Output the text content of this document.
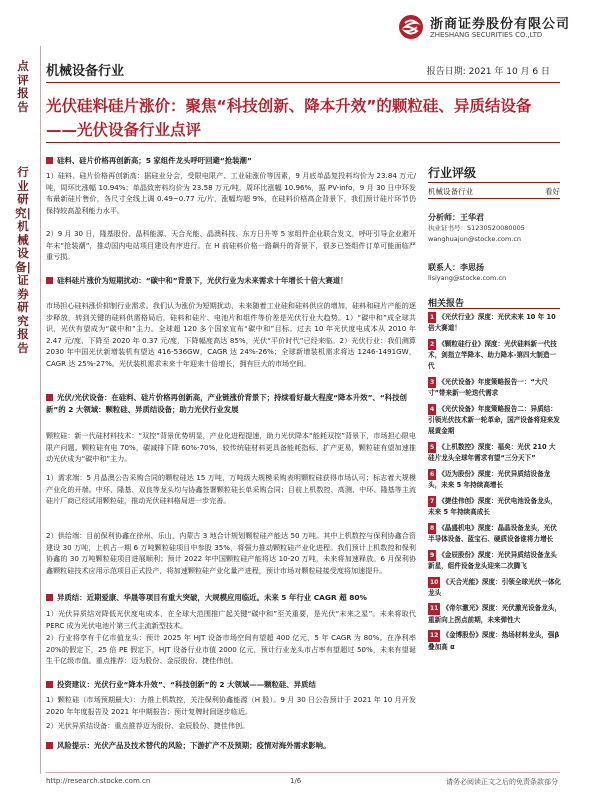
浙商证券股份有限公司
ZHESHANG SECURITIES CO.,LTD
点评报告
行业研究|机械设备|证券研究报告
机械设备行业	报告日期: 2021 年 10 月 6 日
光伏硅料硅片涨价：聚焦“科技创新、降本升效”的颗粒硅、异质结设备
——光伏设备行业点评
硅料、硅片价格再创新高；5 家组件龙头呼吁回避“抢装潮”
1）硅料、硅片价格再创新高：据硅业分会，受限电限产、工业硅涨价等因素，9 月底单晶复投料均价为 23.84 万元/吨，周环比涨幅 10.94%；单晶致密料均价为 23.58 万元/吨，周环比涨幅 10.96%，据 PV-info，9 月 30 日中环发布最新硅片售价，各尺寸全线上调 0.49~0.77 元/片，涨幅均超 9%，在硅料价格高企背景下，我们预计硅片环节仍保持较高盈利能力水平。
2）9 月 30 日，隆基股份、晶科能源、天合光能、晶澳科技、东方日升等 5 家组件企业联合发文，呼吁引导企业避开年末“抢装潮”，推动国内电站项目建设有序进行。在 H 前硅料价格一路飙升的背景下，很多已签组件订单可能面临严重亏损。
硅料硅片涨价为短期扰动：“碳中和”背景下，光伏行业为未来需求十年增长十倍大赛道！
市场担心硅料涨价抑制行业需求。我们认为涨价为短期扰动，未来随着工业硅和硅料供应的增加，硅料和硅片产能的逐步释放，转到关键的硅料供需格局后，硅料和硅片、电池片和组件等价差是光伏行业大趋势。1）“碳中和”成全球共识，光伏有望成为“碳中和”主力。全球超 120 多个国家宣布“碳中和”目标。过去 10 年光伏度电成本从 2010 年 2.47 元/度、下降至 2020 年 0.37 元/度，下降幅度高达 85%，光伏“平价时代”已经来临。2）光伏行业：我们测算 2030 年中国光伏新增装机有望达 416-536GW，CAGR 达 24%-26%；全球新增装机需求将达 1246-1491GW，CAGR 达 25%-27%。光伏装机需求未来十年迎来十倍增长，拥有巨大的市场空间。
光伏/光伏设备：在硅料、硅片价格再创新高，产业链涨价背景下；持续看好最大程度“降本升效”、“科技创新”的 2 大领域：颗粒硅、异质结设备；助力光伏行业发展
颗粒硅：新一代硅材料技术：“双控”背景优势明显，产业化进程提速，助力光伏降本“能耗双控”背景下，市场担心限电限产问题。颗粒硅有电 70%，碳减排下降 60%-70%，较传统硅材料更具备能耗指标、扩产更易，颗粒硅有望加速推动光伏成为“碳中和”主力。
1）需求端：5 月晶澳公告采购合同的颗粒硅达 15 万吨，万吨级大规模采购表明颗粒硅获得市场认可；标志着大规模产业化的开端。中环、隆基、双良等龙头均与协鑫签署颗粒硅长单采购合同；目前上机数控、高测、中环、隆基等主流硅片厂商已经试用颗粒硅，推动光伏硅料格局进一步完善。
2）供给端：目前保利协鑫在徐州、乐山，内蒙古 3 地合计规划颗粒硅产能达 50 万吨。其中上机数控与保利协鑫合资建设 30 万吨，上机占一期 6 万吨颗粒硅项目中参股 35%，将强力推动颗粒硅产业化进程。我们预计上机数控和保利协鑫的 30 万吨颗粒硅项目进展顺利；预计 2022 年中国颗粒硅产能将达 10-20 万吨，未来将加速释放。6 月保利协鑫颗粒硅技术应用示范项目正式投产，将加速颗粒硅产业化量产进程，预计市场对颗粒硅接受度将加速提升。
异质结：近期爱康、华晟等项目有重大突破，大规模应用临近。未来 5 年行业 CAGR 超 80%
1）光伏异质结对降低光伏度电成本，在全球大范围推广起关键“碳中和”至关重要，是光伏“未来之星”。未来将取代 PERC 成为光伏电池片第三代主流新型技术。
2）行业将享有千亿市值龙头：预计 2025 年 HJT 设备市场空间有望超 400 亿元，5 年 CAGR 为 80%。在净利率 20%的假定下，25 倍 PE 假定下，HJT 设备行业市值 2000 亿元，预计行业龙头市占率有望超过 50%，未来有望诞生千亿级市值。重点推荐：迈为股份、金辰股份、捷佳伟创。
投资建议：光伏行业“降本升效”、“科技创新”的 2 大领域——颗粒硅、异质结
1）颗粒硅（市场预期最大）：力推上机数控，关注保利协鑫能源（H 股）。9 月 30 日公告预计于 2021 年 10 月开发 2020 年年度报告及 2021 年中期报告；预计复牌时间逐步临近。
2）光伏异质结设备：重点推荐迈为股份、金辰股份、捷佳伟创。
风险提示：光伏产品及技术替代的风险；下游扩产不及预期；疫情对海外需求影响。
行业评级
机械设备行业	看好
分析师：王华君
执业证书号：S1230520080005
wanghuajun@stocke.com.cn
联系人：李思扬
lisiyang@stocke.com.cn
相关报告
1 《光伏行业》深度：光伏未来 10 年 10 倍大赛道！
2 《颗粒硅行业》深度：光伏硅料新一代技术，剑指立竿降本、助力降本-第四大制造一代
3 《光伏设备》年度策略报告一：“大尺寸”带来新一轮迭代需求
4 《光伏设备》年度策略报告二：异质结：引领光伏技术新一轮革命，国产设备将迎来发展黄金期
5 《上机数控》深度：福矣：光伏 210 大硅片龙头全球年需求有望“三分天下”
6 《迈为股份》深度：光伏异质结设备龙头，未来 5 年持续高增长
7 《捷佳伟创》深度：光伏电池设备龙头，未来 5 年持续高成长
8 《晶盛机电》深度：晶晶设备龙头，光伏半导体设备、蓝宝石、硬质设备谁将力增长
9 《金辰股份》深度：光伏异质结设备龙头新星，组件设备龙头迎来二次腾飞
10 《天合光能》深度：引领全球光伏一体化龙头
11 《帝尔激光》深度：光伏激光设备龙头，重新向上拐点前期，未来弹性大
12 《金博股份》深度：热场材料龙头，强β叠加高 α
http://research.stocke.com.cn	1/6	请务必阅读正文之后的免责条款部分
